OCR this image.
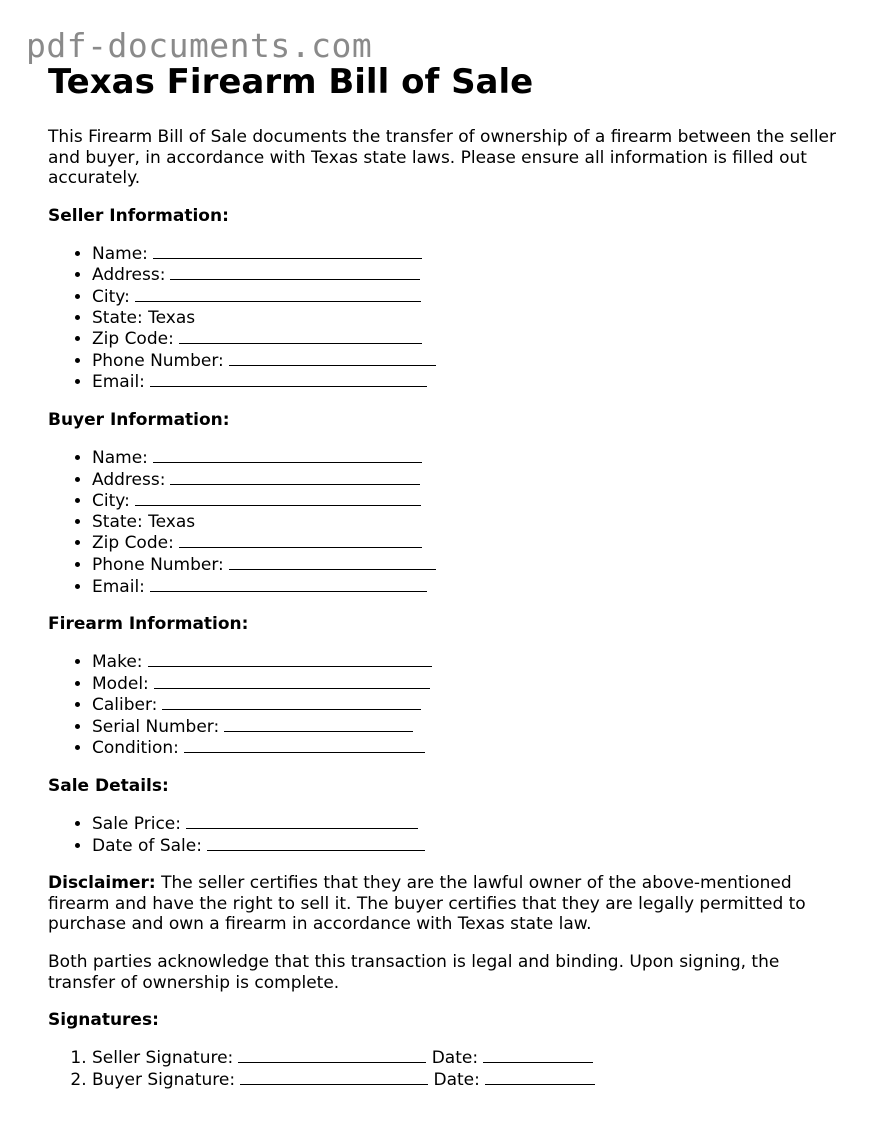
pdf-documents.com
Texas Firearm Bill of Sale

This Firearm Bill of Sale documents the transfer of ownership of a firearm between the seller and buyer, in accordance with Texas state laws. Please ensure all information is filled out accurately.

Seller Information:

• Name:
• Address:
• City:
• State: Texas
• Zip Code:
• Phone Number:
• Email:

Buyer Information:

• Name:
• Address:
• City:
• State: Texas
• Zip Code:
• Phone Number:
• Email:

Firearm Information:

• Make:
• Model:
• Caliber:
• Serial Number:
• Condition:

Sale Details:

• Sale Price:
• Date of Sale:

Disclaimer: The seller certifies that they are the lawful owner of the above-mentioned firearm and have the right to sell it. The buyer certifies that they are legally permitted to purchase and own a firearm in accordance with Texas state law.

Both parties acknowledge that this transaction is legal and binding. Upon signing, the transfer of ownership is complete.

Signatures:

1. Seller Signature:	Date:
2. Buyer Signature:	Date:
